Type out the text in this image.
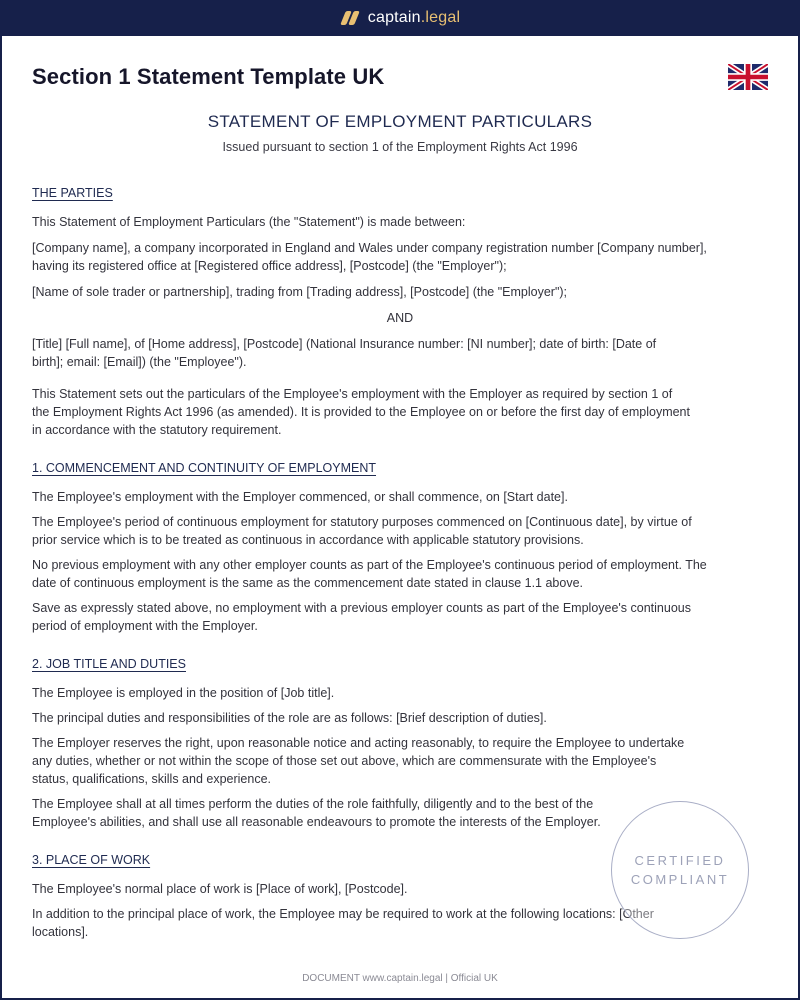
captain.legal
Section 1 Statement Template UK
STATEMENT OF EMPLOYMENT PARTICULARS
Issued pursuant to section 1 of the Employment Rights Act 1996
THE PARTIES
This Statement of Employment Particulars (the "Statement") is made between:
[Company name], a company incorporated in England and Wales under company registration number [Company number],
having its registered office at [Registered office address], [Postcode] (the "Employer");
[Name of sole trader or partnership], trading from [Trading address], [Postcode] (the "Employer");
AND
[Title] [Full name], of [Home address], [Postcode] (National Insurance number: [NI number]; date of birth: [Date of
birth]; email: [Email]) (the "Employee").
This Statement sets out the particulars of the Employee's employment with the Employer as required by section 1 of
the Employment Rights Act 1996 (as amended). It is provided to the Employee on or before the first day of employment
in accordance with the statutory requirement.
1. COMMENCEMENT AND CONTINUITY OF EMPLOYMENT
The Employee's employment with the Employer commenced, or shall commence, on [Start date].
The Employee's period of continuous employment for statutory purposes commenced on [Continuous date], by virtue of
prior service which is to be treated as continuous in accordance with applicable statutory provisions.
No previous employment with any other employer counts as part of the Employee's continuous period of employment. The
date of continuous employment is the same as the commencement date stated in clause 1.1 above.
Save as expressly stated above, no employment with a previous employer counts as part of the Employee's continuous
period of employment with the Employer.
2. JOB TITLE AND DUTIES
The Employee is employed in the position of [Job title].
The principal duties and responsibilities of the role are as follows: [Brief description of duties].
The Employer reserves the right, upon reasonable notice and acting reasonably, to require the Employee to undertake
any duties, whether or not within the scope of those set out above, which are commensurate with the Employee's
status, qualifications, skills and experience.
The Employee shall at all times perform the duties of the role faithfully, diligently and to the best of the
Employee's abilities, and shall use all reasonable endeavours to promote the interests of the Employer.
3. PLACE OF WORK
The Employee's normal place of work is [Place of work], [Postcode].
In addition to the principal place of work, the Employee may be required to work at the following locations: [Other
locations].
CERTIFIED
COMPLIANT
DOCUMENT www.captain.legal | Official UK
